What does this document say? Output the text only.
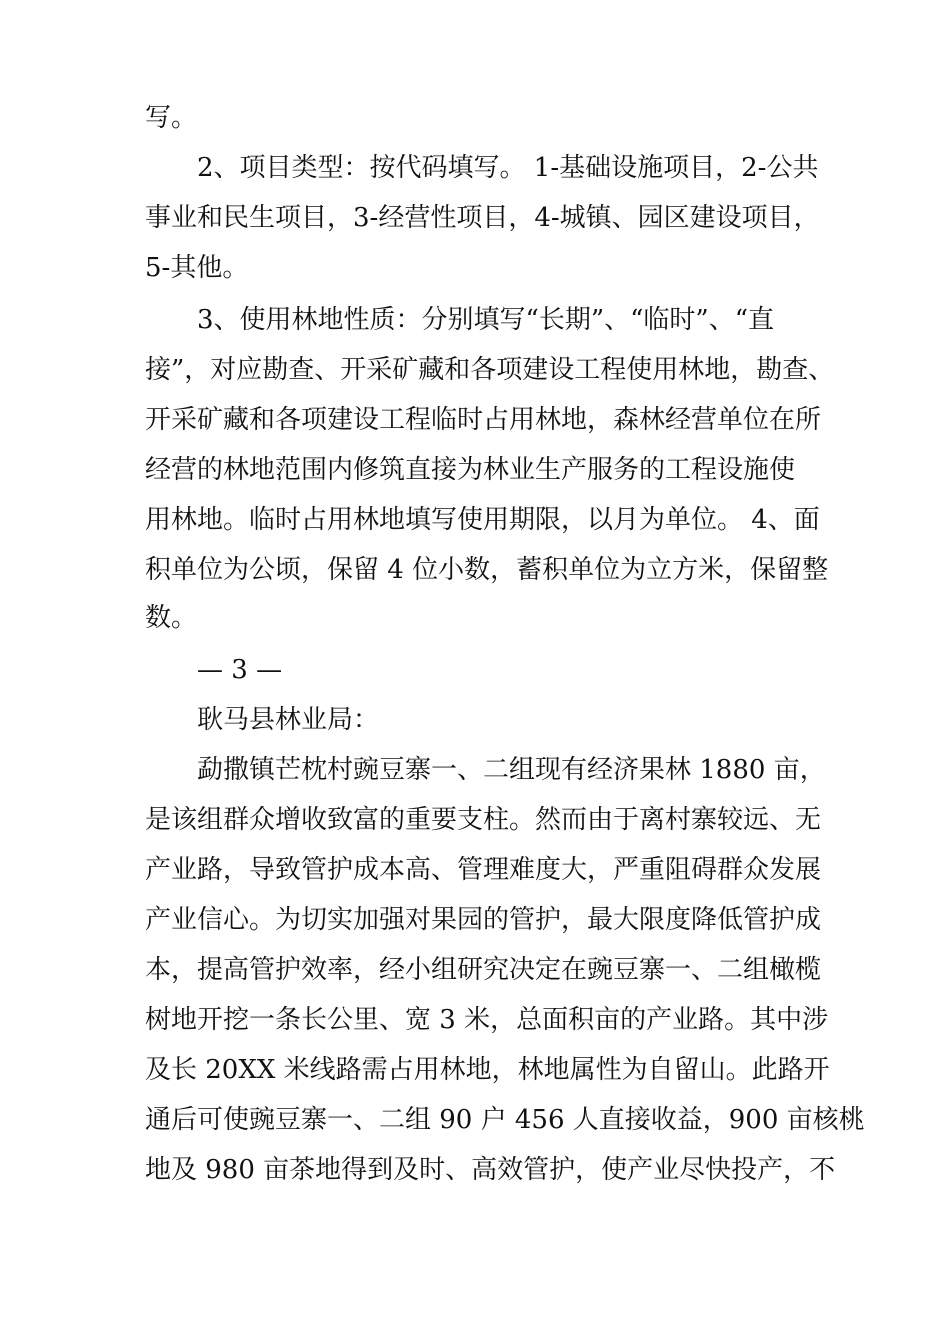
写。
2、项目类型：按代码填写。 1-基础设施项目，2-公共
事业和民生项目，3-经营性项目，4-城镇、园区建设项目，
5-其他。
3、使用林地性质：分别填写“长期”、“临时”、“直
接”，对应勘查、开采矿藏和各项建设工程使用林地，勘查、
开采矿藏和各项建设工程临时占用林地，森林经营单位在所
经营的林地范围内修筑直接为林业生产服务的工程设施使
用林地。临时占用林地填写使用期限，以月为单位。 4、面
积单位为公顷，保留 4 位小数，蓄积单位为立方米，保留整
数。
— 3 —
耿马县林业局：
勐撒镇芒枕村豌豆寨一、二组现有经济果林 1880 亩，
是该组群众增收致富的重要支柱。然而由于离村寨较远、无
产业路，导致管护成本高、管理难度大，严重阻碍群众发展
产业信心。为切实加强对果园的管护，最大限度降低管护成
本，提高管护效率，经小组研究决定在豌豆寨一、二组橄榄
树地开挖一条长公里、宽 3 米，总面积亩的产业路。其中涉
及长 20XX 米线路需占用林地，林地属性为自留山。此路开
通后可使豌豆寨一、二组 90 户 456 人直接收益，900 亩核桃
地及 980 亩茶地得到及时、高效管护，使产业尽快投产，不
